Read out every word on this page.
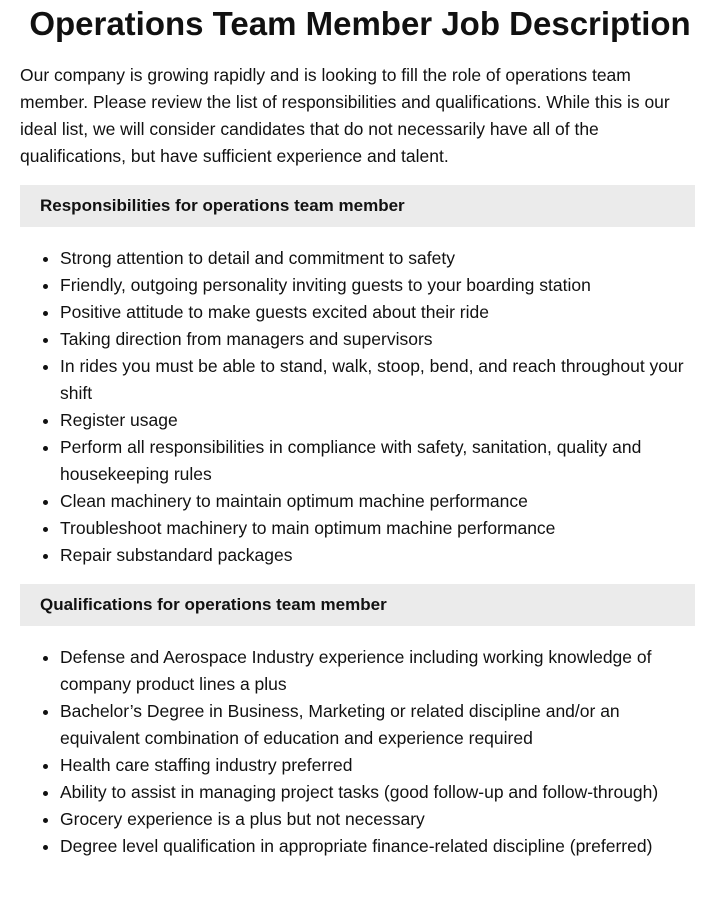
Operations Team Member Job Description

Our company is growing rapidly and is looking to fill the role of operations team member. Please review the list of responsibilities and qualifications. While this is our ideal list, we will consider candidates that do not necessarily have all of the qualifications, but have sufficient experience and talent.

Responsibilities for operations team member
• Strong attention to detail and commitment to safety
• Friendly, outgoing personality inviting guests to your boarding station
• Positive attitude to make guests excited about their ride
• Taking direction from managers and supervisors
• In rides you must be able to stand, walk, stoop, bend, and reach throughout your shift
• Register usage
• Perform all responsibilities in compliance with safety, sanitation, quality and housekeeping rules
• Clean machinery to maintain optimum machine performance
• Troubleshoot machinery to main optimum machine performance
• Repair substandard packages
Qualifications for operations team member
• Defense and Aerospace Industry experience including working knowledge of company product lines a plus
• Bachelor’s Degree in Business, Marketing or related discipline and/or an equivalent combination of education and experience required
• Health care staffing industry preferred
• Ability to assist in managing project tasks (good follow-up and follow-through)
• Grocery experience is a plus but not necessary
• Degree level qualification in appropriate finance-related discipline (preferred)
